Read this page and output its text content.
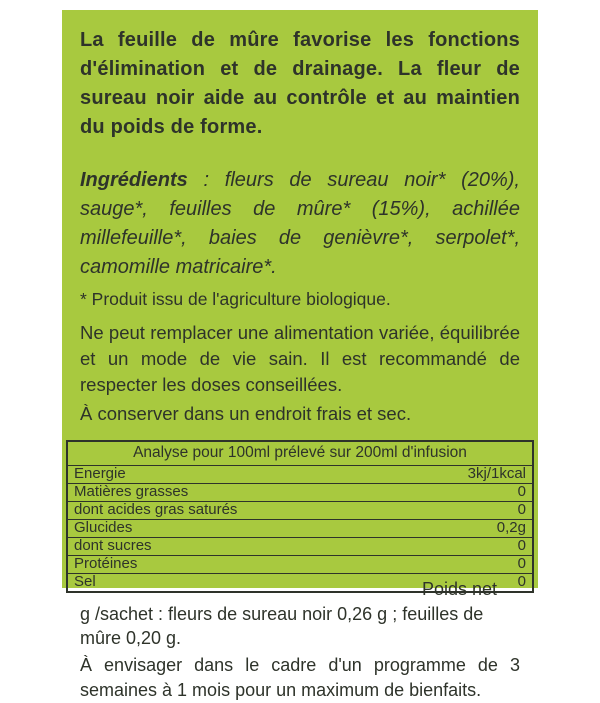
La feuille de mûre favorise les fonctions d'élimination et de drainage. La fleur de sureau noir aide au contrôle et au maintien du poids de forme.

Ingrédients : fleurs de sureau noir* (20%), sauge*, feuilles de mûre* (15%), achillée millefeuille*, baies de genièvre*, serpolet*, camomille matricaire*.

* Produit issu de l'agriculture biologique.

Ne peut remplacer une alimentation variée, équilibrée et un mode de vie sain. Il est recommandé de respecter les doses conseillées.

À conserver dans un endroit frais et sec.

Analyse pour 100ml prélevé sur 200ml d'infusion	
Energie	3kj/1kcal
Matières grasses	0
dont acides gras saturés	0
Glucides	0,2g
dont sucres	0
Protéines	0
Sel	0

g /sachet : fleurs de sureau noir 0,26 g ; feuilles de mûre 0,20 g.

À envisager dans le cadre d'un programme de 3 semaines à 1 mois pour un maximum de bienfaits.

Poids net
